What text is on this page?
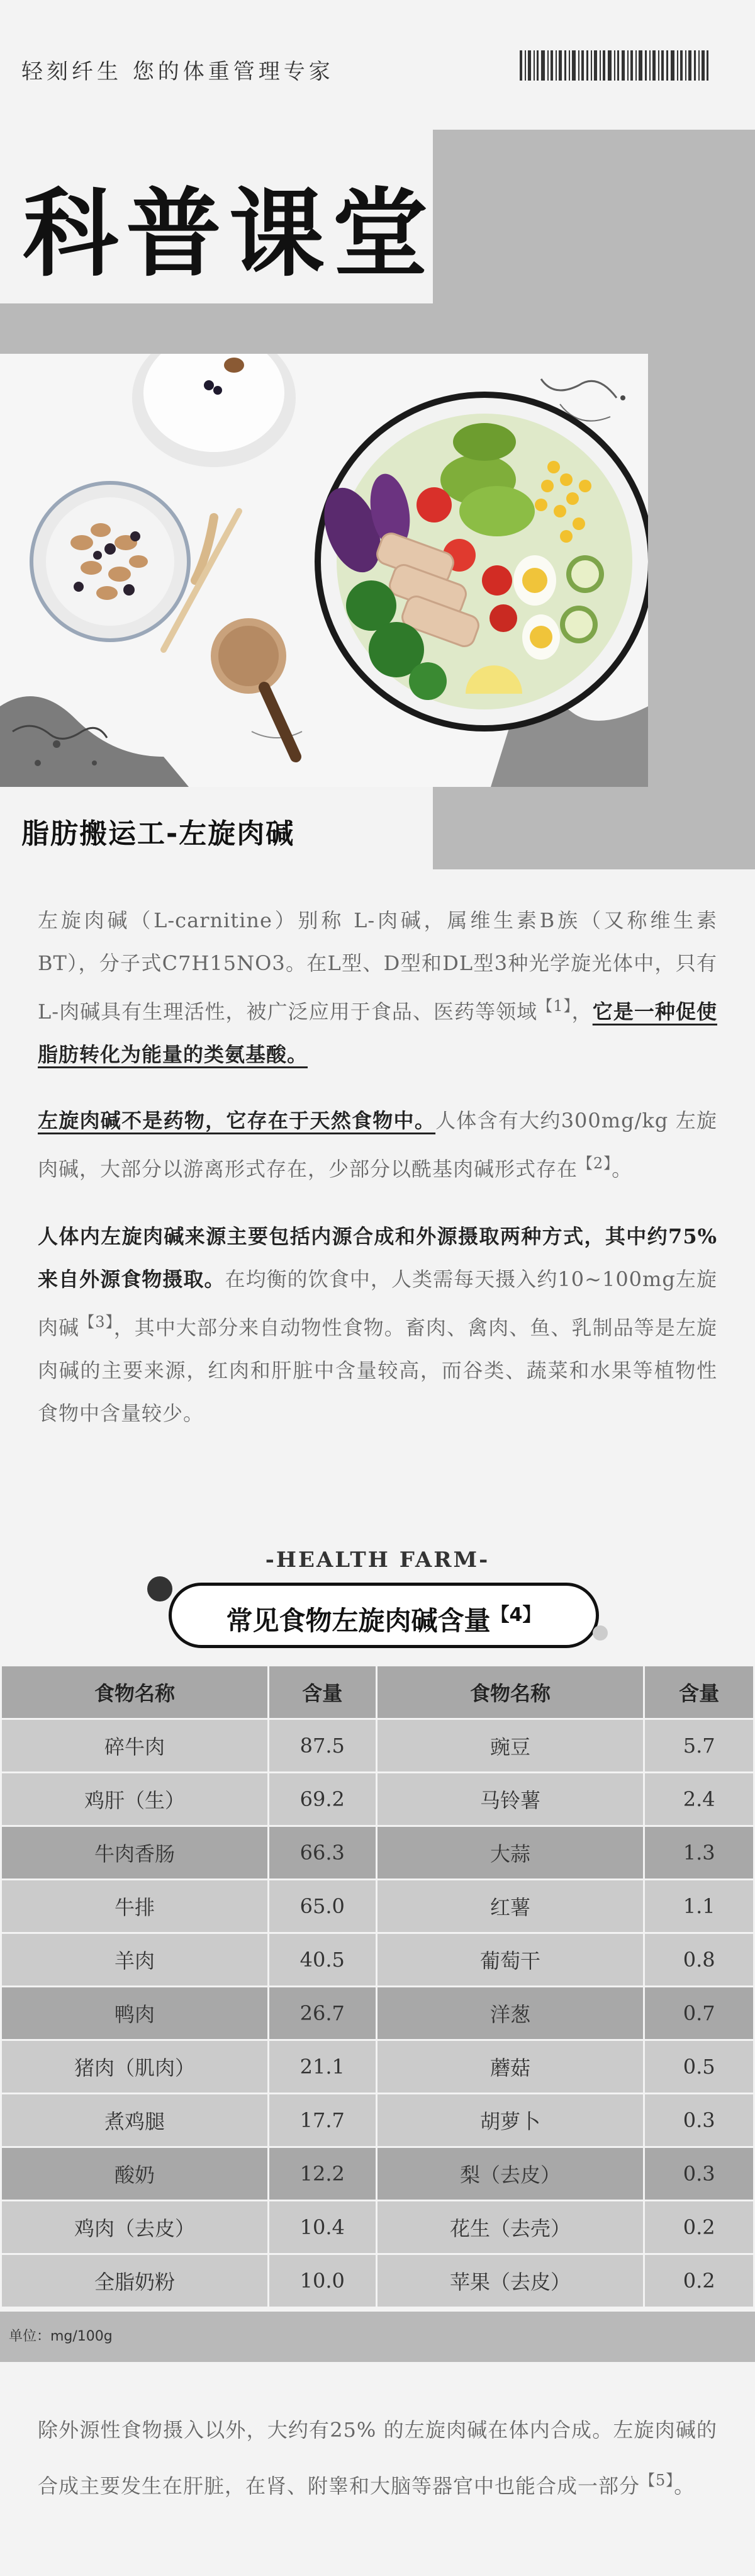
轻刻纤生 您的体重管理专家
科普课堂
脂肪搬运工-左旋肉碱

左旋肉碱（L-carnitine）别称 L-肉碱，属维生素B族（又称维生素BT），分子式C7H15NO3。在L型、D型和DL型3种光学旋光体中，只有L-肉碱具有生理活性，被广泛应用于食品、医药等领域$^{【1】}$，它是一种促使脂肪转化为能量的类氨基酸。

左旋肉碱不是药物，它存在于天然食物中。人体含有大约300mg/kg 左旋肉碱，大部分以游离形式存在，少部分以酰基肉碱形式存在$^{【2】}$。

人体内左旋肉碱来源主要包括内源合成和外源摄取两种方式，其中约75%来自外源食物摄取。在均衡的饮食中，人类需每天摄入约10~100mg左旋肉碱$^{【3】}$，其中大部分来自动物性食物。畜肉、禽肉、鱼、乳制品等是左旋肉碱的主要来源，红肉和肝脏中含量较高，而谷类、蔬菜和水果等植物性食物中含量较少。

-HEALTH FARM-
常见食物左旋肉碱含量$^{【4】}$
食物名称	含量	食物名称	含量
碎牛肉	87.5	豌豆	5.7
鸡肝（生）	69.2	马铃薯	2.4
牛肉香肠	66.3	大蒜	1.3
牛排	65.0	红薯	1.1
羊肉	40.5	葡萄干	0.8
鸭肉	26.7	洋葱	0.7
猪肉（肌肉）	21.1	蘑菇	0.5
煮鸡腿	17.7	胡萝卜	0.3
酸奶	12.2	梨（去皮）	0.3
鸡肉（去皮）	10.4	花生（去壳）	0.2
全脂奶粉	10.0	苹果（去皮）	0.2
单位：mg/100g

除外源性食物摄入以外，大约有25% 的左旋肉碱在体内合成。左旋肉碱的合成主要发生在肝脏，在肾、附睾和大脑等器官中也能合成一部分$^{【5】}$。
